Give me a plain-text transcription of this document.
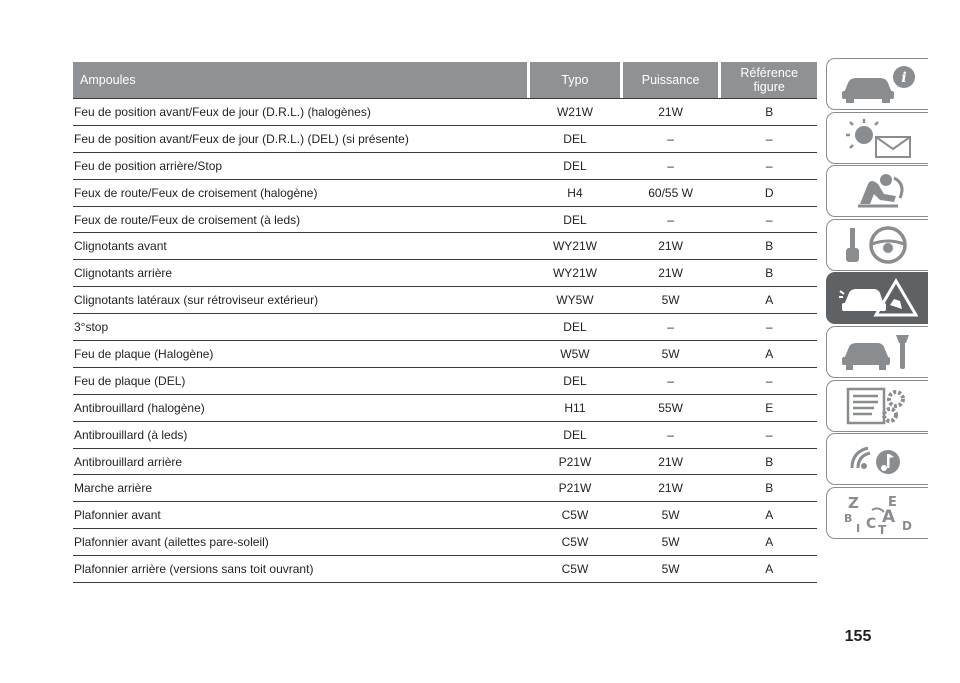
Ampoules	Typo	Puissance	Référence figure
Feu de position avant/Feux de jour (D.R.L.) (halogènes)	W21W	21W	B
Feu de position avant/Feux de jour (D.R.L.) (DEL) (si présente)	DEL	–	–
Feu de position arrière/Stop	DEL	–	–
Feux de route/Feux de croisement (halogène)	H4	60/55 W	D
Feux de route/Feux de croisement (à leds)	DEL	–	–
Clignotants avant	WY21W	21W	B
Clignotants arrière	WY21W	21W	B
Clignotants latéraux (sur rétroviseur extérieur)	WY5W	5W	A
3°stop	DEL	–	–
Feu de plaque (Halogène)	W5W	5W	A
Feu de plaque (DEL)	DEL	–	–
Antibrouillard (halogène)	H11	55W	E
Antibrouillard (à leds)	DEL	–	–
Antibrouillard arrière	P21W	21W	B
Marche arrière	P21W	21W	B
Plafonnier avant	C5W	5W	A
Plafonnier avant (ailettes pare-soleil)	C5W	5W	A
Plafonnier arrière (versions sans toit ouvrant)	C5W	5W	A
i
Z E
B A
I C D
T
155
